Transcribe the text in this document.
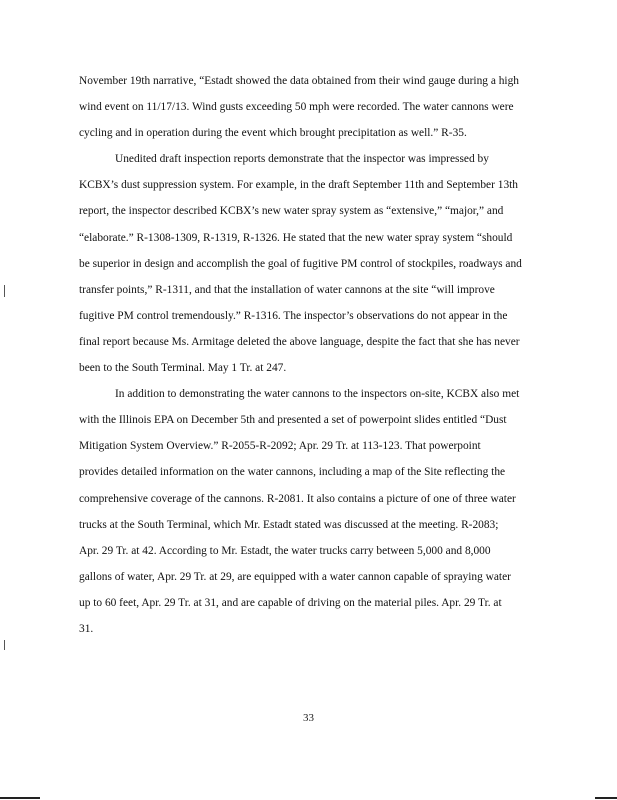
November 19th narrative, “Estadt showed the data obtained from their wind gauge during a high
wind event on 11/17/13. Wind gusts exceeding 50 mph were recorded. The water cannons were
cycling and in operation during the event which brought precipitation as well.” R-35.

Unedited draft inspection reports demonstrate that the inspector was impressed by
KCBX’s dust suppression system. For example, in the draft September 11th and September 13th
report, the inspector described KCBX’s new water spray system as “extensive,” “major,” and
“elaborate.” R-1308-1309, R-1319, R-1326. He stated that the new water spray system “should
be superior in design and accomplish the goal of fugitive PM control of stockpiles, roadways and
transfer points,” R-1311, and that the installation of water cannons at the site “will improve
fugitive PM control tremendously.” R-1316. The inspector’s observations do not appear in the
final report because Ms. Armitage deleted the above language, despite the fact that she has never
been to the South Terminal. May 1 Tr. at 247.

In addition to demonstrating the water cannons to the inspectors on-site, KCBX also met
with the Illinois EPA on December 5th and presented a set of powerpoint slides entitled “Dust
Mitigation System Overview.” R-2055-R-2092; Apr. 29 Tr. at 113-123. That powerpoint
provides detailed information on the water cannons, including a map of the Site reflecting the
comprehensive coverage of the cannons. R-2081. It also contains a picture of one of three water
trucks at the South Terminal, which Mr. Estadt stated was discussed at the meeting. R-2083;
Apr. 29 Tr. at 42. According to Mr. Estadt, the water trucks carry between 5,000 and 8,000
gallons of water, Apr. 29 Tr. at 29, are equipped with a water cannon capable of spraying water
up to 60 feet, Apr. 29 Tr. at 31, and are capable of driving on the material piles. Apr. 29 Tr. at
31.

33
